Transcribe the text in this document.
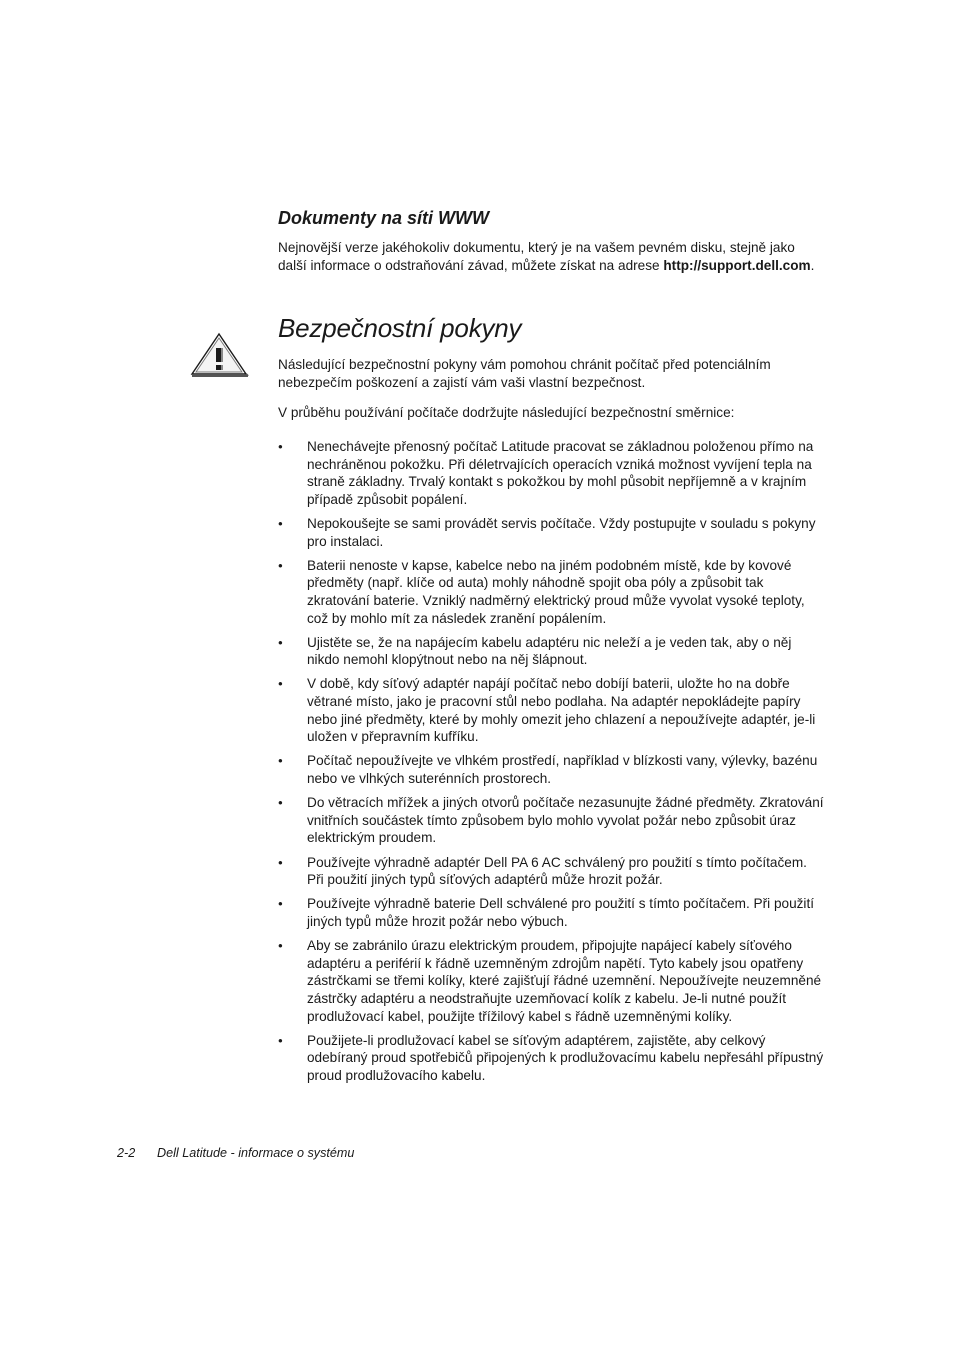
Dokumenty na síti WWW

Nejnovější verze jakéhokoliv dokumentu, který je na vašem pevném disku, stejně jako další informace o odstraňování závad, můžete získat na adrese http://support.dell.com.

Bezpečnostní pokyny

Následující bezpečnostní pokyny vám pomohou chránit počítač před potenciálním nebezpečím poškození a zajistí vám vaši vlastní bezpečnost.

V průběhu používání počítače dodržujte následující bezpečnostní směrnice:

• Nenechávejte přenosný počítač Latitude pracovat se základnou položenou přímo na nechráněnou pokožku. Při déletrvajících operacích vzniká možnost vyvíjení tepla na straně základny. Trvalý kontakt s pokožkou by mohl působit nepříjemně a v krajním případě způsobit popálení.
• Nepokoušejte se sami provádět servis počítače. Vždy postupujte v souladu s pokyny pro instalaci.
• Baterii nenoste v kapse, kabelce nebo na jiném podobném místě, kde by kovové předměty (např. klíče od auta) mohly náhodně spojit oba póly a způsobit tak zkratování baterie. Vzniklý nadměrný elektrický proud může vyvolat vysoké teploty, což by mohlo mít za následek zranění popálením.
• Ujistěte se, že na napájecím kabelu adaptéru nic neleží a je veden tak, aby o něj nikdo nemohl klopýtnout nebo na něj šlápnout.
• V době, kdy síťový adaptér napájí počítač nebo dobíjí baterii, uložte ho na dobře větrané místo, jako je pracovní stůl nebo podlaha. Na adaptér nepokládejte papíry nebo jiné předměty, které by mohly omezit jeho chlazení a nepoužívejte adaptér, je-li uložen v přepravním kufříku.
• Počítač nepoužívejte ve vlhkém prostředí, například v blízkosti vany, výlevky, bazénu nebo ve vlhkých suterénních prostorech.
• Do větracích mřížek a jiných otvorů počítače nezasunujte žádné předměty. Zkratování vnitřních součástek tímto způsobem bylo mohlo vyvolat požár nebo způsobit úraz elektrickým proudem.
• Používejte výhradně adaptér Dell PA 6 AC schválený pro použití s tímto počítačem. Při použití jiných typů síťových adaptérů může hrozit požár.
• Používejte výhradně baterie Dell schválené pro použití s tímto počítačem. Při použití jiných typů může hrozit požár nebo výbuch.
• Aby se zabránilo úrazu elektrickým proudem, připojujte napájecí kabely síťového adaptéru a periférií k řádně uzemněným zdrojům napětí. Tyto kabely jsou opatřeny zástrčkami se třemi kolíky, které zajišťují řádné uzemnění. Nepoužívejte neuzemněné zástrčky adaptéru a neodstraňujte uzemňovací kolík z kabelu. Je-li nutné použít prodlužovací kabel, použijte třížilový kabel s řádně uzemněnými kolíky.
• Použijete-li prodlužovací kabel se síťovým adaptérem, zajistěte, aby celkový odebíraný proud spotřebičů připojených k prodlužovacímu kabelu nepřesáhl přípustný proud prodlužovacího kabelu.
2-2 Dell Latitude - informace o systému
